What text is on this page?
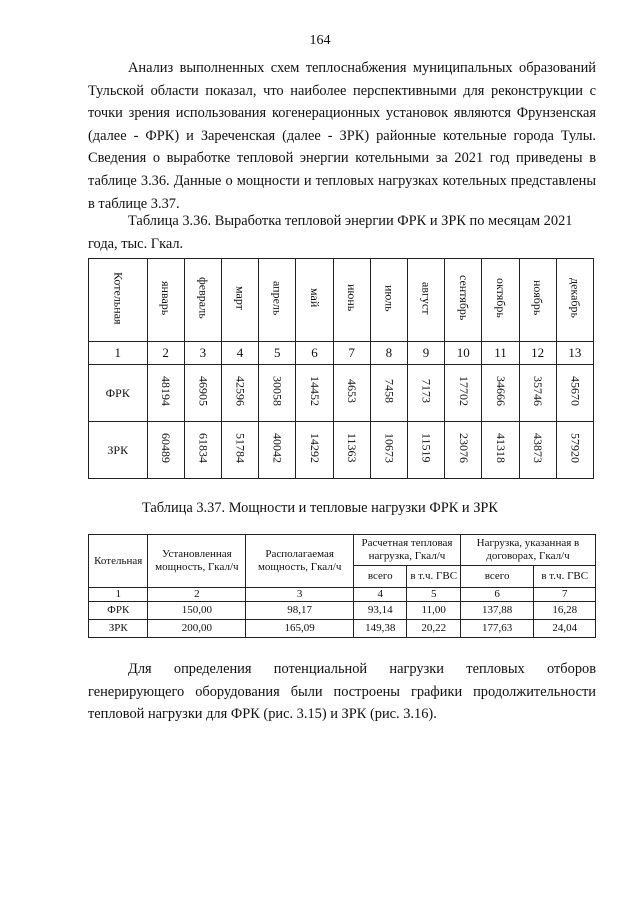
164

Анализ выполненных схем теплоснабжения муниципальных образований Тульской области показал, что наиболее перспективными для реконструкции с точки зрения использования когенерационных установок являются Фрунзенская (далее - ФРК) и Зареченская (далее - ЗРК) районные котельные города Тулы. Сведения о выработке тепловой энергии котельными за 2021 год приведены в таблице 3.36. Данные о мощности и тепловых нагрузках котельных представлены в таблице 3.37.

Таблица 3.36. Выработка тепловой энергии ФРК и ЗРК по месяцам 2021 года, тыс. Гкал.

Котельная	январь	февраль	март	апрель	май	июнь	июль	август	сентябрь	октябрь	ноябрь	декабрь
1	2	3	4	5	6	7	8	9	10	11	12	13
ФРК	48194	46905	42596	30058	14452	4653	7458	7173	17702	34666	35746	45670
ЗРК	60489	61834	51784	40042	14292	11363	10673	11519	23076	41318	43873	57920

Таблица 3.37. Мощности и тепловые нагрузки ФРК и ЗРК

Котельная	Установленная мощность, Гкал/ч	Располагаемая мощность, Гкал/ч	Расчетная тепловая нагрузка, Гкал/ч		Нагрузка, указанная в договорах, Гкал/ч	
			всего	в т.ч. ГВС	всего	в т.ч. ГВС
1	2	3	4	5	6	7
ФРК	150,00	98,17	93,14	11,00	137,88	16,28
ЗРК	200,00	165,09	149,38	20,22	177,63	24,04

Для определения потенциальной нагрузки тепловых отборов генерирующего оборудования были построены графики продолжительности тепловой нагрузки для ФРК (рис. 3.15) и ЗРК (рис. 3.16).
